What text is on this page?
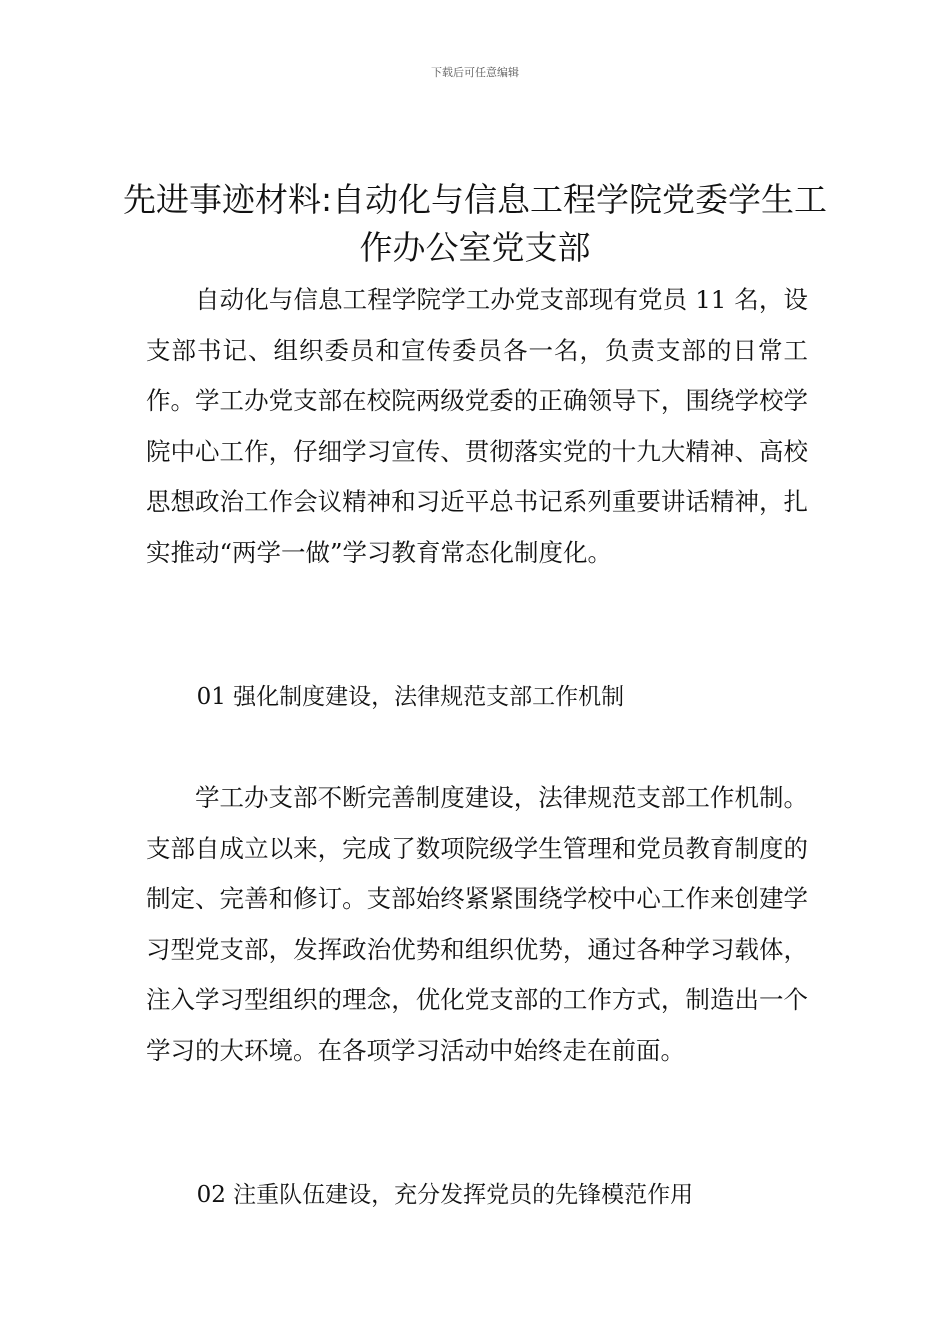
下载后可任意编辑
先进事迹材料:自动化与信息工程学院党委学生工作办公室党支部

自动化与信息工程学院学工办党支部现有党员 11 名，设支部书记、组织委员和宣传委员各一名，负责支部的日常工作。学工办党支部在校院两级党委的正确领导下，围绕学校学院中心工作，仔细学习宣传、贯彻落实党的十九大精神、高校思想政治工作会议精神和习近平总书记系列重要讲话精神，扎实推动“两学一做”学习教育常态化制度化。

01 强化制度建设，法律规范支部工作机制

学工办支部不断完善制度建设，法律规范支部工作机制。支部自成立以来，完成了数项院级学生管理和党员教育制度的制定、完善和修订。支部始终紧紧围绕学校中心工作来创建学习型党支部，发挥政治优势和组织优势，通过各种学习载体，注入学习型组织的理念，优化党支部的工作方式，制造出一个学习的大环境。在各项学习活动中始终走在前面。

02 注重队伍建设，充分发挥党员的先锋模范作用
